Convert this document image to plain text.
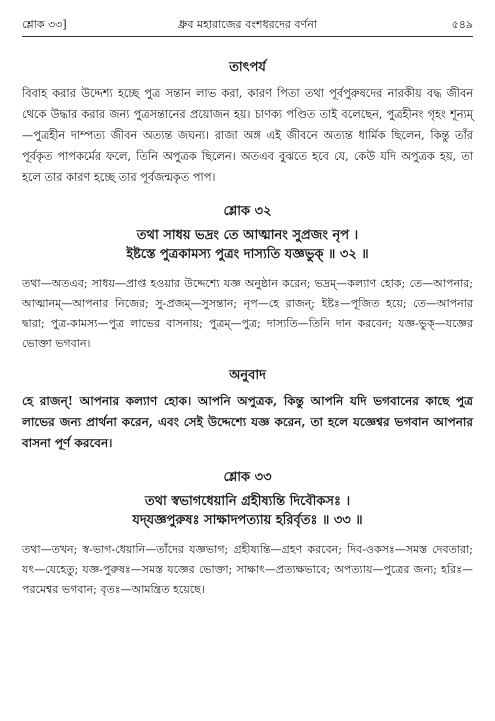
শ্লোক ৩৩]	ধ্রুব মহারাজের বংশধরদের বর্ণনা	৫৪৯
তাৎপর্য

বিবাহ করার উদ্দেশ্য হচ্ছে পুত্র সন্তান লাভ করা, কারণ পিতা তথা পূর্বপুরুষদের নারকীয় বদ্ধ জীবন থেকে উদ্ধার করার জন্য পুত্রসন্তানের প্রয়োজন হয়। চাণক্য পণ্ডিত তাই বলেছেন, পুত্রহীনং গৃহং শূন্যম্—পুত্রহীন দাম্পত্য জীবন অত্যন্ত জঘন্য। রাজা অঙ্গ এই জীবনে অত্যন্ত ধার্মিক ছিলেন, কিন্তু তাঁর পূর্বকৃত পাপকর্মের ফলে, তিনি অপুত্রক ছিলেন। অতএব বুঝতে হবে যে, কেউ যদি অপুত্রক হয়, তা হলে তার কারণ হচ্ছে তার পূর্বজন্মকৃত পাপ।

শ্লোক ৩২

তথা সাধয় ভদ্রং তে আত্মানং সুপ্রজং নৃপ ।

ইষ্টস্তে পুত্রকামস্য পুত্রং দাস্যতি যজ্ঞভুক্ ॥ ৩২ ॥

তথা—অতএব; সাধয়—প্রাপ্ত হওয়ার উদ্দেশ্যে যজ্ঞ অনুষ্ঠান করেন; ভদ্রম্—কল্যাণ হোক; তে—আপনার; আত্মানম্—আপনার নিজের; সু-প্রজম্—সুসন্তান; নৃপ—হে রাজন্; ইষ্টঃ—পূজিত হয়ে; তে—আপনার দ্বারা; পুত্র-কামস্য—পুত্র লাভের বাসনায়; পুত্রম্—পুত্র; দাস্যতি—তিনি দান করবেন; যজ্ঞ-ভুক্—যজ্ঞের ভোক্তা ভগবান।

অনুবাদ

হে রাজন্! আপনার কল্যাণ হোক। আপনি অপুত্রক, কিন্তু আপনি যদি ভগবানের কাছে পুত্র লাভের জন্য প্রার্থনা করেন, এবং সেই উদ্দেশ্যে যজ্ঞ করেন, তা হলে যজ্ঞেশ্বর ভগবান আপনার বাসনা পূর্ণ করবেন।

শ্লোক ৩৩

তথা স্বভাগধেয়ানি গ্রহীষ্যন্তি দিবৌকসঃ ।

যদ্‌যজ্ঞপুরুষঃ সাক্ষাদপত্যায় হরির্বৃতঃ ॥ ৩৩ ॥

তথা—তখন; স্ব-ভাগ-ধেয়ানি—তাঁদের যজ্ঞভাগ; গ্রহীষ্যন্তি—গ্রহণ করবেন; দিব-ওকসঃ—সমস্ত দেবতারা; যৎ—যেহেতু; যজ্ঞ-পুরুষঃ—সমস্ত যজ্ঞের ভোক্তা; সাক্ষাৎ—প্রত্যক্ষভাবে; অপত্যায়—পুত্রের জন্য; হরিঃ—পরমেশ্বর ভগবান; বৃতঃ—আমন্ত্রিত হয়েছে।
